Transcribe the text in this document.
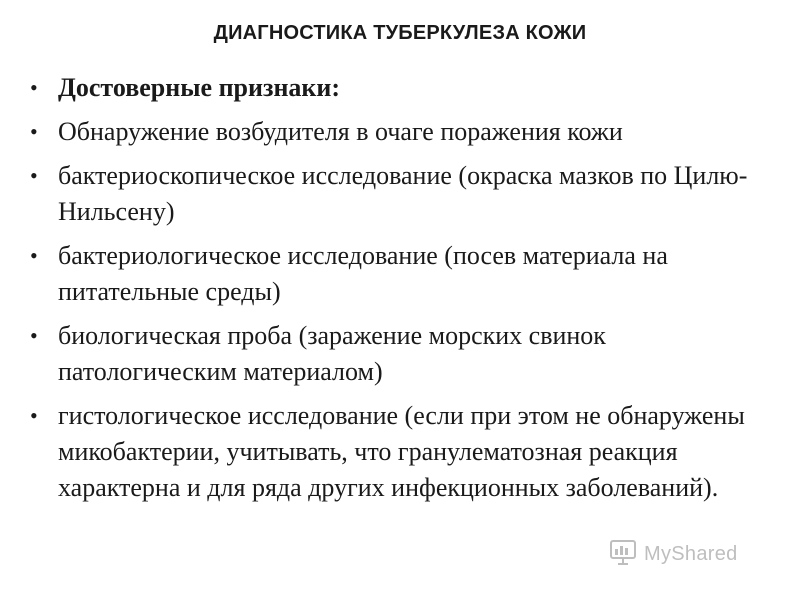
ДИАГНОСТИКА ТУБЕРКУЛЕЗА КОЖИ
• Достоверные признаки:
• Обнаружение возбудителя в очаге поражения кожи
• бактериоскопическое исследование (окраска мазков по Цилю-Нильсену)
• бактериологическое исследование (посев материала на питательные среды)
• биологическая проба (заражение морских свинок патологическим материалом)
• гистологическое исследование (если при этом не обнаружены микобактерии, учитывать, что гранулематозная реакция характерна и для ряда других инфекционных заболеваний).
MyShared
